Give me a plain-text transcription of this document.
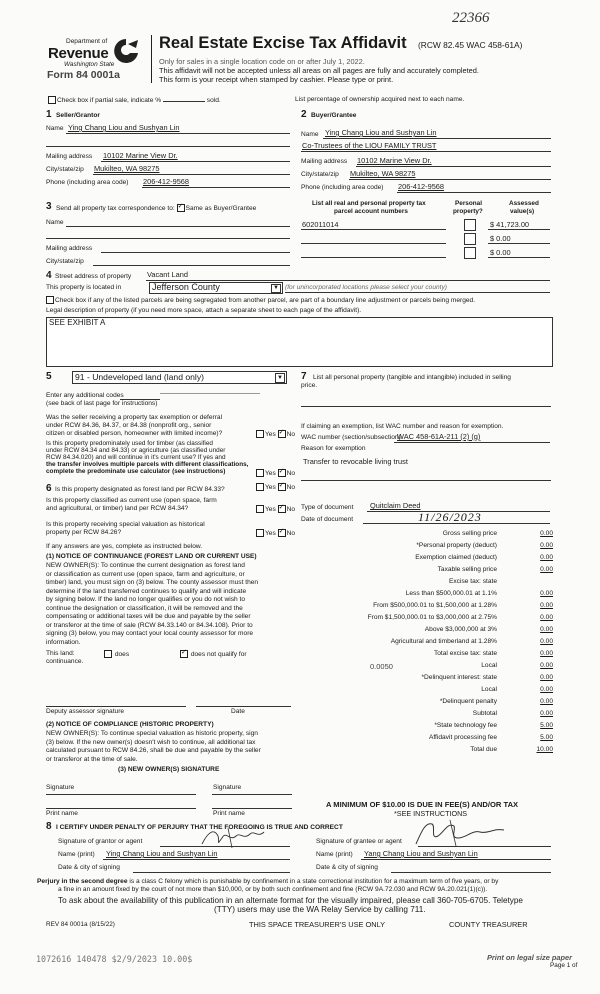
22366
Department of
Revenue
Washington State
Form 84 0001a
Real Estate Excise Tax Affidavit (RCW 82.45 WAC 458-61A)
Only for sales in a single location code on or after July 1, 2022.
This affidavit will not be accepted unless all areas on all pages are fully and accurately completed.
This form is your receipt when stamped by cashier. Please type or print.
Check box if partial sale, indicate %	sold.	List percentage of ownership acquired next to each name.
1 Seller/Grantor
Name Ying Chang Liou and Sushyan Lin
Mailing address 10102 Marine View Dr.
City/state/zip Mukilteo, WA 98275
Phone (including area code) 206-412-9568
2 Buyer/Grantee
Name Ying Chang Liou and Sushyan Lin
Co-Trustees of the LIOU FAMILY TRUST
Mailing address 10102 Marine View Dr.
City/state/zip Mukilteo, WA 98275
Phone (including area code) 206-412-9568
3 Send all property tax correspondence to: ✓ Same as Buyer/Grantee
Name
Mailing address
City/state/zip
List all real and personal property tax
parcel account numbers
Personal
property?
Assessed
value(s)
602011014	$ 41,723.00
$ 0.00
$ 0.00
4 Street address of property Vacant Land
This property is located in	Jefferson County	▼ (for unincorporated locations please select your county)
Check box if any of the listed parcels are being segregated from another parcel, are part of a boundary line adjustment or parcels being merged.
Legal description of property (if you need more space, attach a separate sheet to each page of the affidavit).
SEE EXHIBIT A
5	91 - Undeveloped land (land only)	▼
Enter any additional codes
(see back of last page for instructions)
Was the seller receiving a property tax exemption or deferral
under RCW 84.36, 84.37, or 84.38 (nonprofit org., senior
citizen or disabled person, homeowner with limited income)?	Yes ✓ No
Is this property predominately used for timber (as classified
under RCW 84.34 and 84.33) or agriculture (as classified under
RCW 84.34.020) and will continue in it's current use? If yes and
the transfer involves multiple parcels with different classifications,
complete the predominate use calculator (see instructions)	Yes ✓ No
6 Is this property designated as forest land per RCW 84.33?	Yes ✓ No
Is this property classified as current use (open space, farm
and agricultural, or timber) land per RCW 84.34?	Yes ✓ No
Is this property receiving special valuation as historical
property per RCW 84.26?	Yes ✓ No
If any answers are yes, complete as instructed below.
(1) NOTICE OF CONTINUANCE (FOREST LAND OR CURRENT USE)
NEW OWNER(S): To continue the current designation as forest land
or classification as current use (open space, farm and agriculture, or
timber) land, you must sign on (3) below. The county assessor must then
determine if the land transferred continues to qualify and will indicate
by signing below. If the land no longer qualifies or you do not wish to
continue the designation or classification, it will be removed and the
compensating or additional taxes will be due and payable by the seller
or transferor at the time of sale (RCW 84.33.140 or 84.34.108). Prior to
signing (3) below, you may contact your local county assessor for more
information.
This land:
continuance.
does ✓	does not qualify for
Deputy assessor signature	Date
(2) NOTICE OF COMPLIANCE (HISTORIC PROPERTY)
NEW OWNER(S): To continue special valuation as historic property, sign
(3) below. If the new owner(s) doesn't wish to continue, all additional tax
calculated pursuant to RCW 84.26, shall be due and payable by the seller
or transferor at the time of sale.
(3) NEW OWNER(S) SIGNATURE
Signature	Signature
Print name	Print name
7 List all personal property (tangible and intangible) included in selling
price.
If claiming an exemption, list WAC number and reason for exemption.
WAC number (section/subsection)
WAC 458-61A-211 (2) (g)
Reason for exemption
Transfer to revocable living trust
Type of document Quitclaim Deed
Date of document	11/26/2023
Gross selling price	0.00
*Personal property (deduct)	0.00
Exemption claimed (deduct)	0.00
Taxable selling price	0.00
Excise tax: state
Less than $500,000.01 at 1.1%	0.00
From $500,000.01 to $1,500,000 at 1.28%	0.00
From $1,500,000.01 to $3,000,000 at 2.75%	0.00
Above $3,000,000 at 3%	0.00
Agricultural and timberland at 1.28%	0.00
Total excise tax: state	0.00
0.0050	Local	0.00
*Delinquent interest: state	0.00
Local	0.00
*Delinquent penalty	0.00
Subtotal	0.00
*State technology fee	5.00
Affidavit processing fee	5.00
Total due	10.00
A MINIMUM OF $10.00 IS DUE IN FEE(S) AND/OR TAX
*SEE INSTRUCTIONS
8 I CERTIFY UNDER PENALTY OF PERJURY THAT THE FOREGOING IS TRUE AND CORRECT
Signature of grantor or agent
Name (print) Ying Chang Liou and Sushyan Lin
Date & city of signing
Signature of grantee or agent
Name (print) Yang Chang Liou and Sushyan Lin
Date & city of signing
Perjury in the second degree is a class C felony which is punishable by confinement in a state correctional institution for a maximum term of five years, or by
a fine in an amount fixed by the court of not more than $10,000, or by both such confinement and fine (RCW 9A.72.030 and RCW 9A.20.021(1)(c)).
To ask about the availability of this publication in an alternate format for the visually impaired, please call 360-705-6705. Teletype
(TTY) users may use the WA Relay Service by calling 711.
REV 84 0001a (8/15/22)	THIS SPACE TREASURER'S USE ONLY	COUNTY TREASURER
1072616 140478 $2/9/2023 10.00$	Print on legal size paper
Page 1 of
